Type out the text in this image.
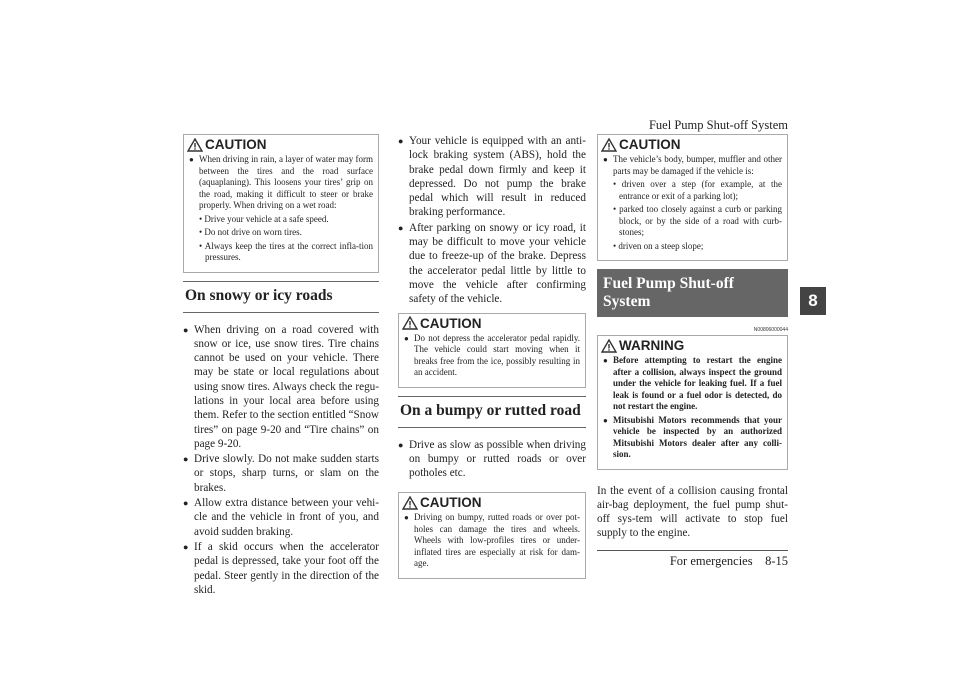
Fuel Pump Shut-off System
For emergencies    8-15
8
CAUTION

● When driving in rain, a layer of water may form between the tires and the road surface (aquaplaning). This loosens your tires’ grip on the road, making it difficult to steer or brake properly. When driving on a wet road:

• Drive your vehicle at a safe speed.

• Do not drive on worn tires.

• Always keep the tires at the correct infla-tion pressures.

On snowy or icy roads

● When driving on a road covered with snow or ice, use snow tires. Tire chains cannot be used on your vehicle. There may be state or local regulations about using snow tires. Always check the regu-lations in your local area before using them. Refer to the section entitled “Snow tires” on page 9-20 and “Tire chains” on page 9-20.

● Drive slowly. Do not make sudden starts or stops, sharp turns, or slam on the brakes.

● Allow extra distance between your vehi-cle and the vehicle in front of you, and avoid sudden braking.

● If a skid occurs when the accelerator pedal is depressed, take your foot off the pedal. Steer gently in the direction of the skid.

● Your vehicle is equipped with an anti-lock braking system (ABS), hold the brake pedal down firmly and keep it depressed. Do not pump the brake pedal which will result in reduced braking performance.

● After parking on snowy or icy road, it may be difficult to move your vehicle due to freeze-up of the brake. Depress the accelerator pedal little by little to move the vehicle after confirming safety of the vehicle.

CAUTION

● Do not depress the accelerator pedal rapidly. The vehicle could start moving when it breaks free from the ice, possibly resulting in an accident.

On a bumpy or rutted road

● Drive as slow as possible when driving on bumpy or rutted roads or over potholes etc.

CAUTION

● Driving on bumpy, rutted roads or over pot-holes can damage the tires and wheels. Wheels with low-profiles tires or under-inflated tires are especially at risk for dam-age.

CAUTION

● The vehicle’s body, bumper, muffler and other parts may be damaged if the vehicle is:

• driven over a step (for example, at the entrance or exit of a parking lot);

• parked too closely against a curb or parking block, or by the side of a road with curb-stones;

• driven on a steep slope;

Fuel Pump Shut-off System
N00806000044
WARNING

● Before attempting to restart the engine after a collision, always inspect the ground under the vehicle for leaking fuel. If a fuel leak is found or a fuel odor is detected, do not restart the engine.

● Mitsubishi Motors recommends that your vehicle be inspected by an authorized Mitsubishi Motors dealer after any colli-sion.

In the event of a collision causing frontal air-bag deployment, the fuel pump shut-off sys-tem will activate to stop fuel supply to the engine.
